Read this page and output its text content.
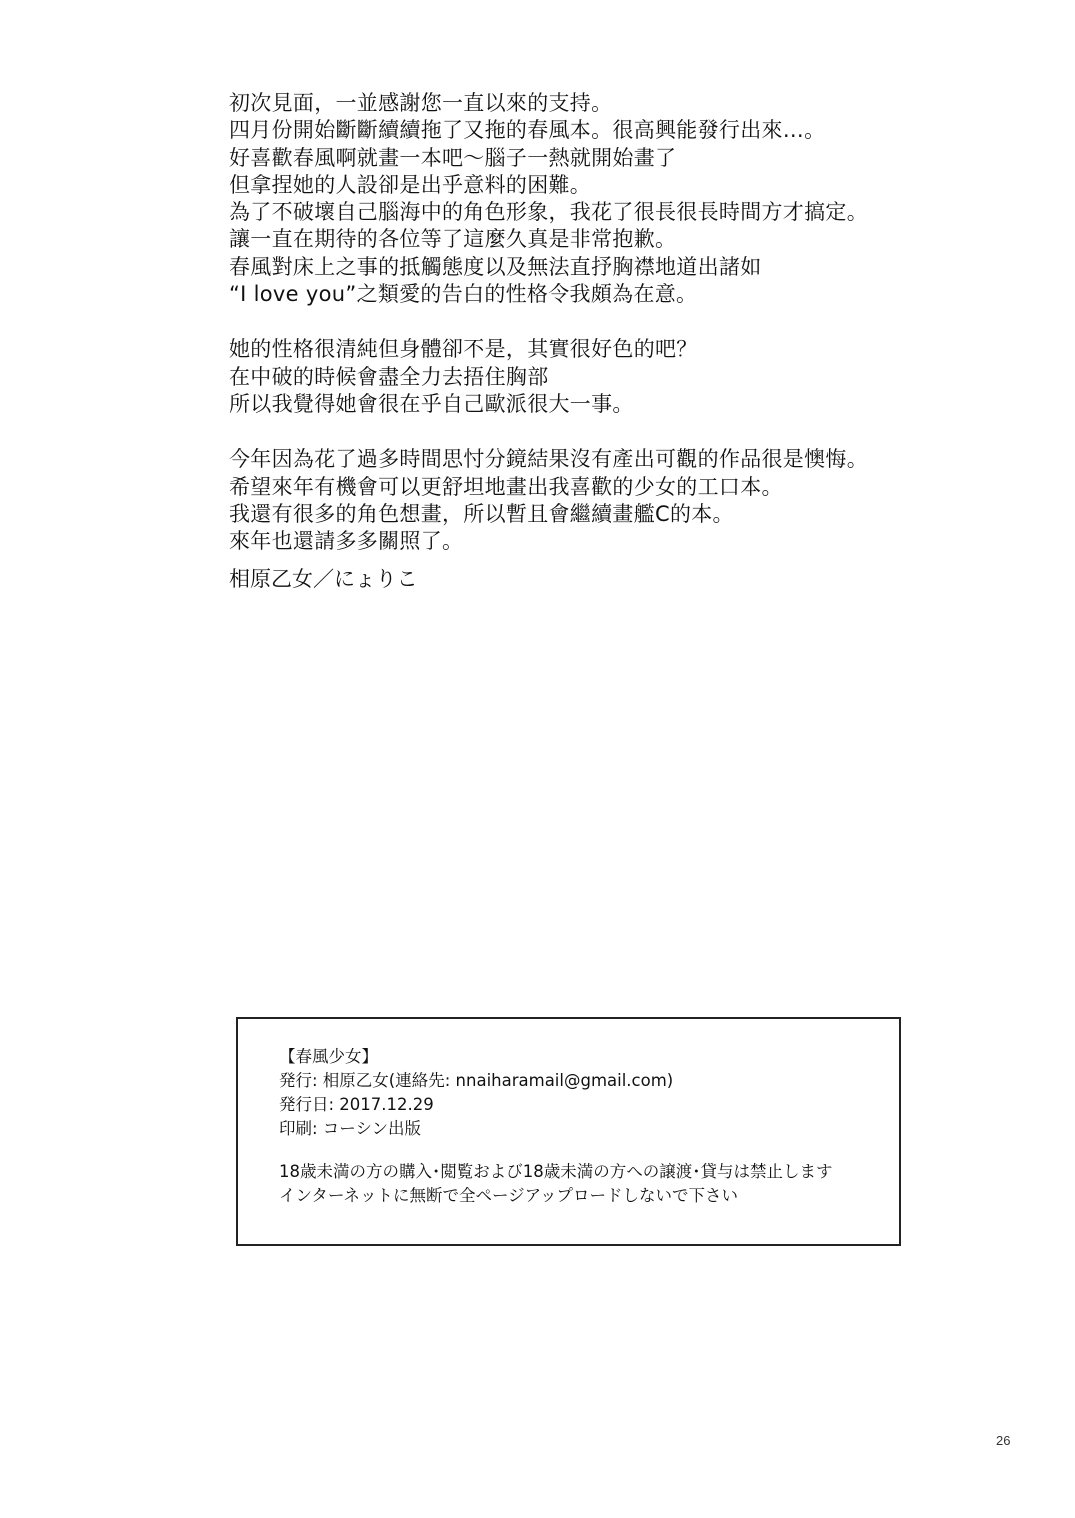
初次見面，一並感謝您一直以來的支持。
四月份開始斷斷續續拖了又拖的春風本。很高興能發行出來…。
好喜歡春風啊就畫一本吧〜腦子一熱就開始畫了
但拿捏她的人設卻是出乎意料的困難。
為了不破壞自己腦海中的角色形象，我花了很長很長時間方才搞定。
讓一直在期待的各位等了這麼久真是非常抱歉。
春風對床上之事的抵觸態度以及無法直抒胸襟地道出諸如
“I love you”之類愛的告白的性格令我頗為在意。
她的性格很清純但身體卻不是，其實很好色的吧？
在中破的時候會盡全力去捂住胸部
所以我覺得她會很在乎自己歐派很大一事。
今年因為花了過多時間思忖分鏡結果沒有產出可觀的作品很是懊悔。
希望來年有機會可以更舒坦地畫出我喜歡的少女的工口本。
我還有很多的角色想畫，所以暫且會繼續畫艦C的本。
來年也還請多多關照了。
相原乙女／にょりこ
【春風少女】
発行: 相原乙女(連絡先: nnaiharamail@gmail.com)
発行日: 2017.12.29
印刷: コーシン出版
18歳未満の方の購入･閲覧および18歳未満の方への譲渡･貸与は禁止します
インターネットに無断で全ページアップロードしないで下さい
26
